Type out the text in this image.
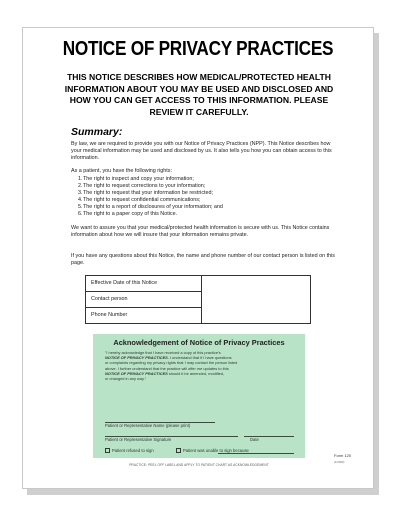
NOTICE OF PRIVACY PRACTICES
THIS NOTICE DESCRIBES HOW MEDICAL/PROTECTED HEALTH INFORMATION ABOUT YOU MAY BE USED AND DISCLOSED AND HOW YOU CAN GET ACCESS TO THIS INFORMATION. PLEASE REVIEW IT CAREFULLY.
Summary:
By law, we are required to provide you with our Notice of Privacy Practices (NPP). This Notice describes how your medical information may be used and disclosed by us. It also tells you how you can obtain access to this information.
As a patient, you have the following rights:
1. The right to inspect and copy your information;
2. The right to request corrections to your information;
3. The right to request that your information be restricted;
4. The right to request confidential communications;
5. The right to a report of disclosures of your information; and
6. The right to a paper copy of this Notice.
We want to assure you that your medical/protected health information is secure with us. This Notice contains information about how we will insure that your information remains private.
If you have any questions about this Notice, the name and phone number of our contact person is listed on this page.
Effective Date of this Notice
Contact person
Phone Number
Acknowledgement of Notice of Privacy Practices
"I hereby acknowledge that I have received a copy of this practice's
NOTICE OF PRIVACY PRACTICES. I understand that if I have questions
or complaints regarding my privacy rights that I may contact the person listed
above. I further understand that the practice will offer me updates to this
NOTICE OF PRIVACY PRACTICES should it be amended, modified,
or changed in any way."
Patient or Representative Name (please print)
Patient or Representative Signature	Date
Patient refused to sign	Patient was unable to sign because
PRACTICE: PEEL OFF LABEL AND APPLY TO PATIENT CHART AS ACKNOWLEDGEMENT
Form 120
(1/2003)
